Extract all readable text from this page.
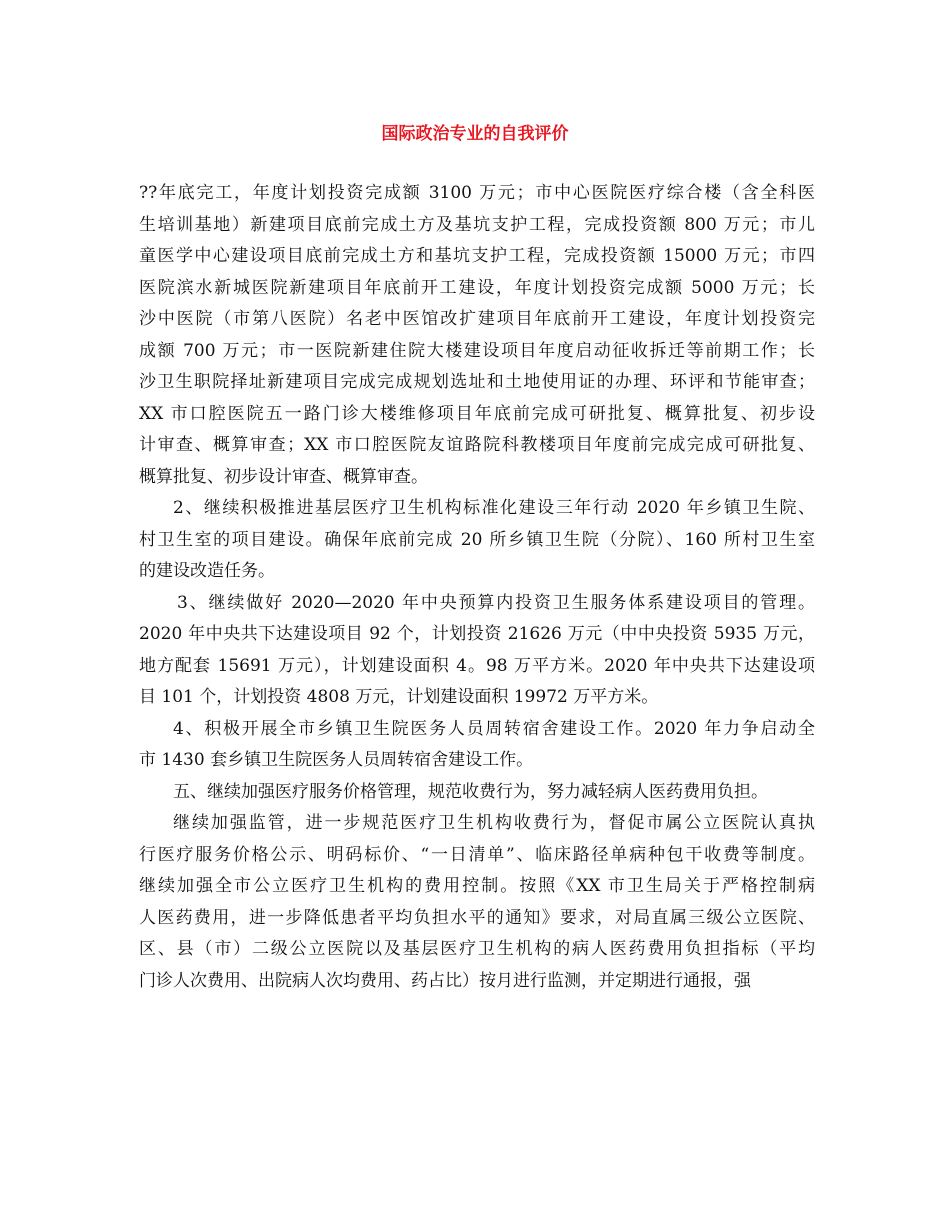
国际政治专业的自我评价
??年底完工，年度计划投资完成额 3100 万元；市中心医院医疗综合楼（含全科医
生培训基地）新建项目底前完成土方及基坑支护工程，完成投资额 800 万元；市儿
童医学中心建设项目底前完成土方和基坑支护工程，完成投资额 15000 万元；市四
医院滨水新城医院新建项目年底前开工建设，年度计划投资完成额 5000 万元；长
沙中医院（市第八医院）名老中医馆改扩建项目年底前开工建设，年度计划投资完
成额 700 万元；市一医院新建住院大楼建设项目年度启动征收拆迁等前期工作；长
沙卫生职院择址新建项目完成完成规划选址和土地使用证的办理、环评和节能审查；
XX 市口腔医院五一路门诊大楼维修项目年底前完成可研批复、概算批复、初步设
计审查、概算审查；XX 市口腔医院友谊路院科教楼项目年度前完成完成可研批复、
概算批复、初步设计审查、概算审查。
2、继续积极推进基层医疗卫生机构标准化建设三年行动 2020 年乡镇卫生院、
村卫生室的项目建设。确保年底前完成 20 所乡镇卫生院（分院）、160 所村卫生室
的建设改造任务。
3、继续做好 2020—2020 年中央预算内投资卫生服务体系建设项目的管理。
2020 年中央共下达建设项目 92 个，计划投资 21626 万元（中中央投资 5935 万元，
地方配套 15691 万元），计划建设面积 4。98 万平方米。2020 年中央共下达建设项
目 101 个，计划投资 4808 万元，计划建设面积 19972 万平方米。
4、积极开展全市乡镇卫生院医务人员周转宿舍建设工作。2020 年力争启动全
市 1430 套乡镇卫生院医务人员周转宿舍建设工作。
五、继续加强医疗服务价格管理，规范收费行为，努力减轻病人医药费用负担。
继续加强监管，进一步规范医疗卫生机构收费行为，督促市属公立医院认真执
行医疗服务价格公示、明码标价、“一日清单”、临床路径单病种包干收费等制度。
继续加强全市公立医疗卫生机构的费用控制。按照《XX 市卫生局关于严格控制病
人医药费用，进一步降低患者平均负担水平的通知》要求，对局直属三级公立医院、
区、县（市）二级公立医院以及基层医疗卫生机构的病人医药费用负担指标（平均
门诊人次费用、出院病人次均费用、药占比）按月进行监测，并定期进行通报，强
